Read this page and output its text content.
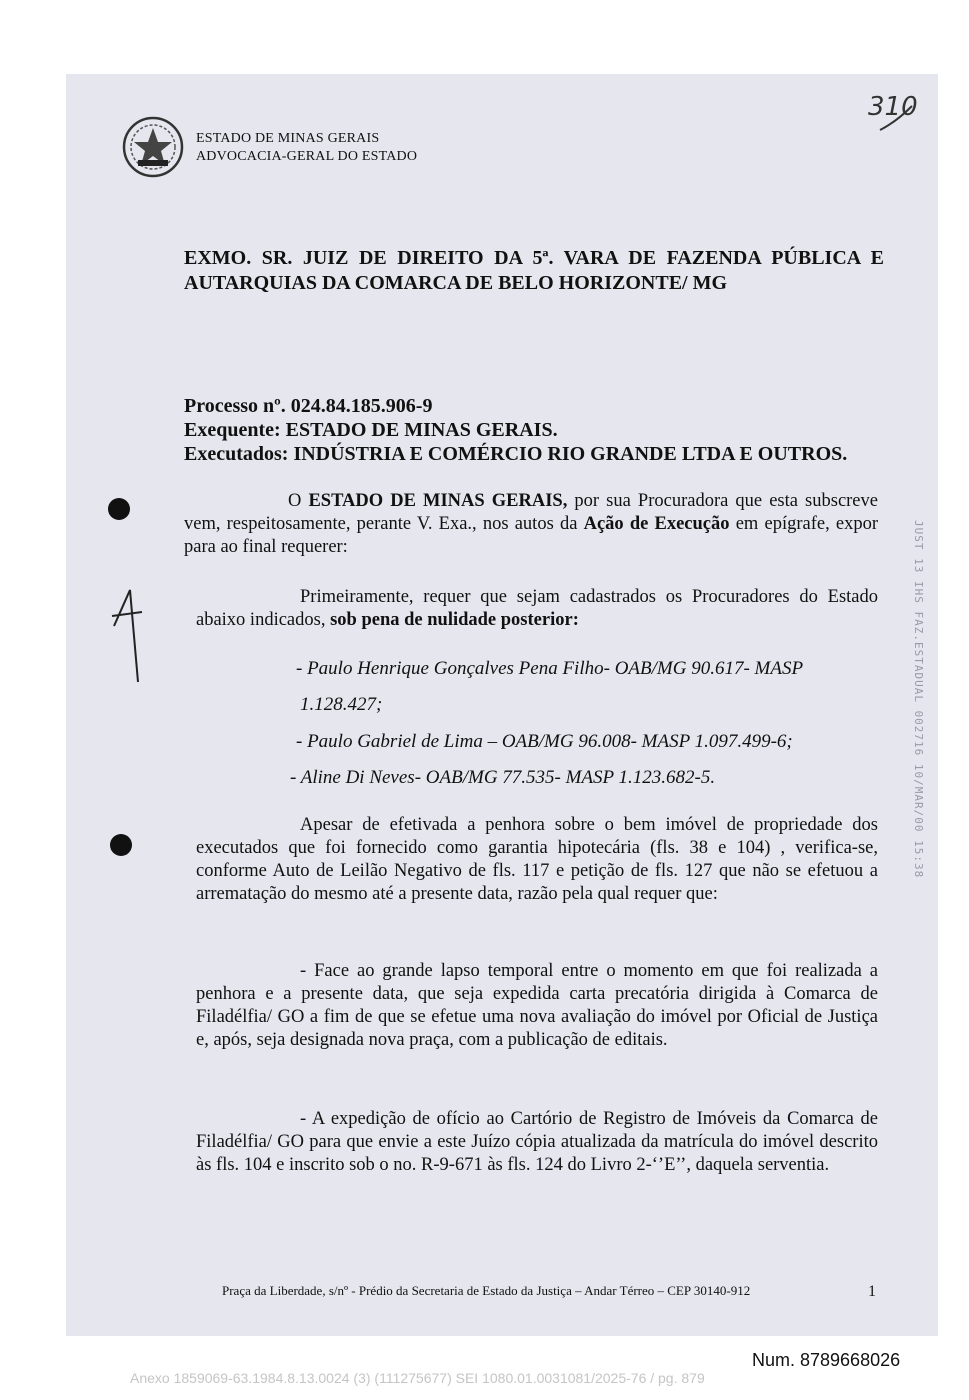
ESTADO DE MINAS GERAIS
ADVOCACIA-GERAL DO ESTADO
310
EXMO. SR. JUIZ DE DIREITO DA 5ª. VARA DE FAZENDA PÚBLICA E AUTARQUIAS DA COMARCA DE BELO HORIZONTE/ MG
Processo nº. 024.84.185.906-9
Exequente: ESTADO DE MINAS GERAIS.
Executados: INDÚSTRIA E COMÉRCIO RIO GRANDE LTDA E OUTROS.
O ESTADO DE MINAS GERAIS, por sua Procuradora que esta subscreve vem, respeitosamente, perante V. Exa., nos autos da Ação de Execução em epígrafe, expor para ao final requerer:
Primeiramente, requer que sejam cadastrados os Procuradores do Estado abaixo indicados, sob pena de nulidade posterior:
- Paulo Henrique Gonçalves Pena Filho- OAB/MG 90.617- MASP
1.128.427;
- Paulo Gabriel de Lima – OAB/MG 96.008- MASP 1.097.499-6;
- Aline Di Neves- OAB/MG 77.535- MASP 1.123.682-5.
Apesar de efetivada a penhora sobre o bem imóvel de propriedade dos executados que foi fornecido como garantia hipotecária (fls. 38 e 104) , verifica-se, conforme Auto de Leilão Negativo de fls. 117 e petição de fls. 127 que não se efetuou a arrematação do mesmo até a presente data, razão pela qual requer que:
- Face ao grande lapso temporal entre o momento em que foi realizada a penhora e a presente data, que seja expedida carta precatória dirigida à Comarca de Filadélfia/ GO a fim de que se efetue uma nova avaliação do imóvel por Oficial de Justiça e, após, seja designada nova praça, com a publicação de editais.
- A expedição de ofício ao Cartório de Registro de Imóveis da Comarca de Filadélfia/ GO para que envie a este Juízo cópia atualizada da matrícula do imóvel descrito às fls. 104 e inscrito sob o no. R-9-671 às fls. 124 do Livro 2-‘’E’’, daquela serventia.
JUST 13 IHS FAZ.ESTADUAL 002716 10/MAR/00 15:38
Praça da Liberdade, s/nº - Prédio da Secretaria de Estado da Justiça – Andar Térreo – CEP 30140-912	1
Num. 8789668026
Anexo 1859069-63.1984.8.13.0024 (3) (111275677) SEI 1080.01.0031081/2025-76 / pg. 879
